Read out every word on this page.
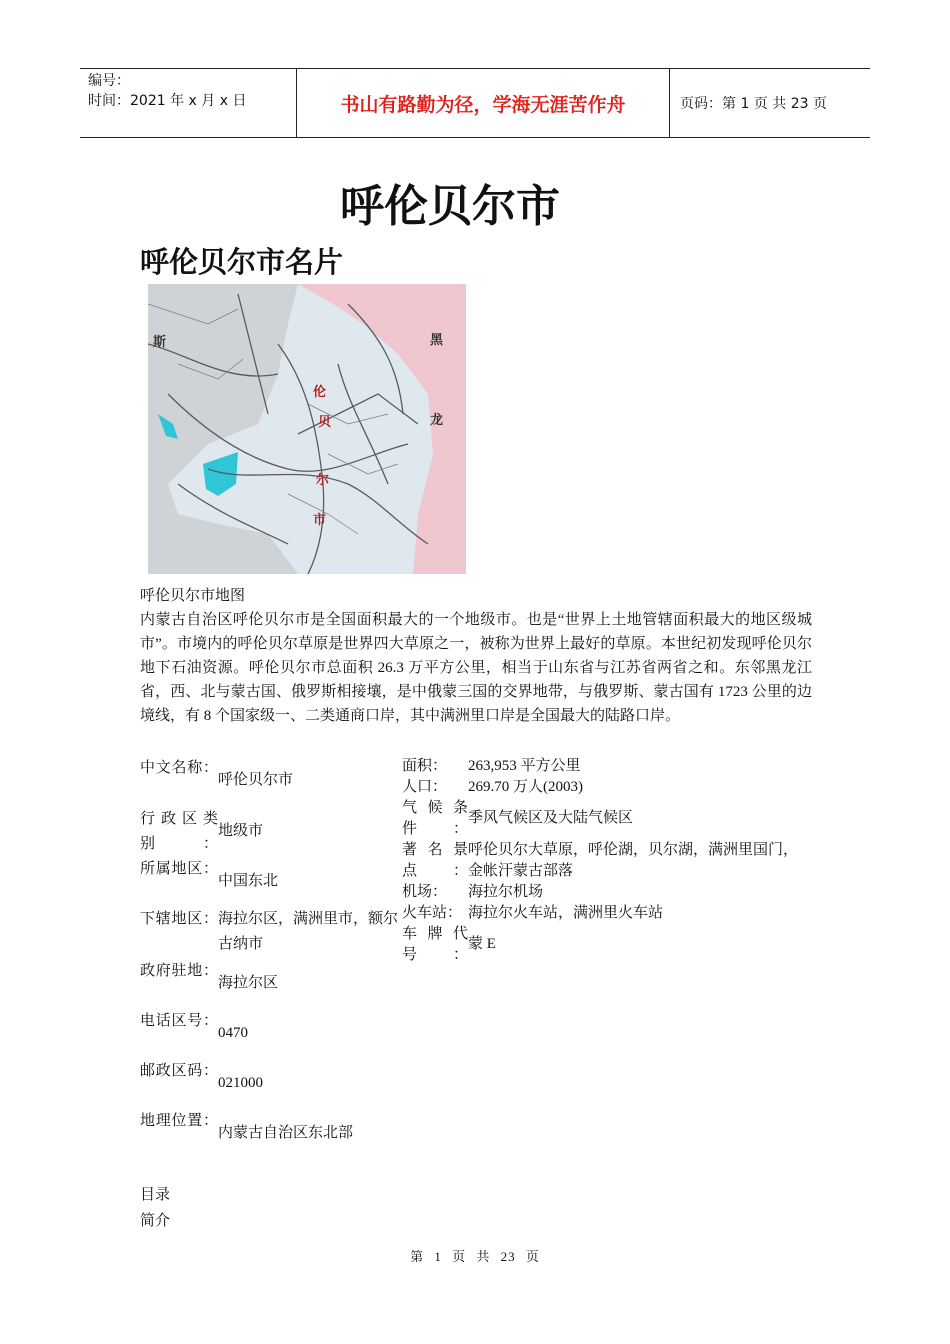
编号：
时间：2021 年 x 月 x 日	书山有路勤为径，学海无涯苦作舟	页码：第 1 页 共 23 页
呼伦贝尔市
呼伦贝尔市名片
伦
贝
尔
市
黑
龙
斯
呼伦贝尔市地图
内蒙古自治区呼伦贝尔市是全国面积最大的一个地级市。也是“世界上土地管辖面积最大的地区级城市”。市境内的呼伦贝尔草原是世界四大草原之一，被称为世界上最好的草原。本世纪初发现呼伦贝尔地下石油资源。呼伦贝尔市总面积 26.3 万平方公里，相当于山东省与江苏省两省之和。东邻黑龙江省，西、北与蒙古国、俄罗斯相接壤，是中俄蒙三国的交界地带，与俄罗斯、蒙古国有 1723 公里的边境线，有 8 个国家级一、二类通商口岸，其中满洲里口岸是全国最大的陆路口岸。
中文名称：
呼伦贝尔市
行政区类别：
地级市
所属地区：
中国东北
下辖地区： 海拉尔区，满洲里市，额尔古纳市
政府驻地：
海拉尔区
电话区号：
0470
邮政区码：
021000
地理位置：
内蒙古自治区东北部
面积：	263,953 平方公里
人口：	269.70 万人(2003)
气候条件：
季风气候区及大陆气候区
著名景点：
呼伦贝尔大草原，呼伦湖，贝尔湖，满洲里国门，金帐汗蒙古部落
机场：	海拉尔机场
火车站： 海拉尔火车站，满洲里火车站
车牌代号：
蒙 E
目录
简介
第 1 页 共 23 页
